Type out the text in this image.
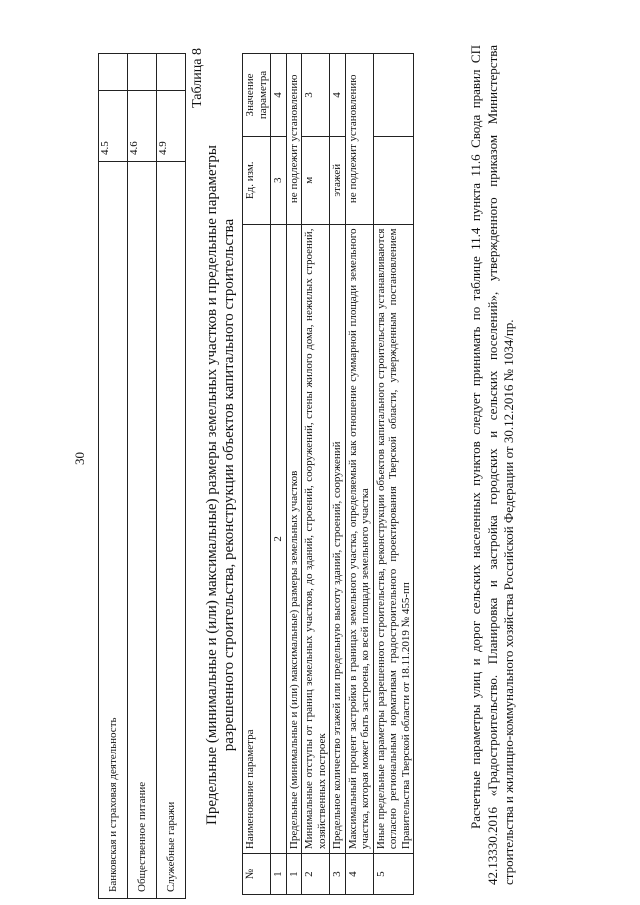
30
Банковская и страховая деятельность	4.5	
Общественное питание	4.6	
Служебные гаражи	4.9	
Таблица 8
Предельные (минимальные и (или) максимальные) размеры земельных участков и предельные параметры разрешенного строительства, реконструкции объектов капитального строительства
№	Наименование параметра	Ед. изм.	Значение параметра
1	2	3	4
1	Предельные (минимальные и (или) максимальные) размеры земельных участков	не подлежит установлению	
2	Минимальные отступы от границ земельных участков, до зданий, строений, сооружений, стены жилого дома, нежилых строений, хозяйственных построек	м	3
3	Предельное количество этажей или предельную высоту зданий, строений, сооружений	этажей	4
4	Максимальный процент застройки в границах земельного участка, определяемый как отношение суммарной площади земельного участка, которая может быть застроена, ко всей площади земельного участка	не подлежит установлению	
5	Иные предельные параметры разрешенного строительства, реконструкции объектов капитального строительства устанавливаются согласно региональным нормативам градостроительного проектирования Тверской области, утвержденным постановлением Правительства Тверской области от 18.11.2019 № 455-пп			Расчетные параметры улиц и дорог сельских населенных пунктов следует принимать по таблице 11.4 пункта 11.6 Свода правил СП 42.13330.2016 «Градостроительство. Планировка и застройка городских и сельских поселений», утвержденного приказом Министерства строительства и жилищно-коммунального хозяйства Российской Федерации от 30.12.2016 № 1034/пр.
